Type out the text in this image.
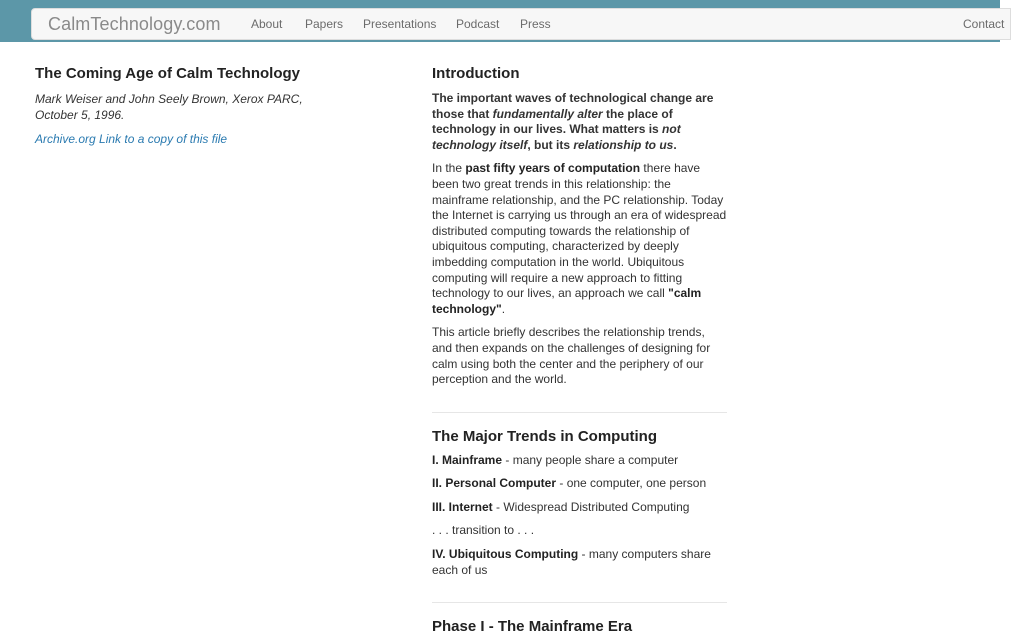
CalmTechnology.com	About Papers Presentations Podcast Press	Contact
The Coming Age of Calm Technology

Mark Weiser and John Seely Brown, Xerox PARC, October 5, 1996.

Archive.org Link to a copy of this file
Introduction

The important waves of technological change are those that fundamentally alter the place of technology in our lives. What matters is not technology itself, but its relationship to us.

In the past fifty years of computation there have been two great trends in this relationship: the mainframe relationship, and the PC relationship. Today the Internet is carrying us through an era of widespread distributed computing towards the relationship of ubiquitous computing, characterized by deeply imbedding computation in the world. Ubiquitous computing will require a new approach to fitting technology to our lives, an approach we call "calm technology".

This article briefly describes the relationship trends, and then expands on the challenges of designing for calm using both the center and the periphery of our perception and the world.

The Major Trends in Computing

I. Mainframe - many people share a computer

II. Personal Computer - one computer, one person

III. Internet - Widespread Distributed Computing

. . . transition to . . .

IV. Ubiquitous Computing - many computers share each of us

Phase I - The Mainframe Era
